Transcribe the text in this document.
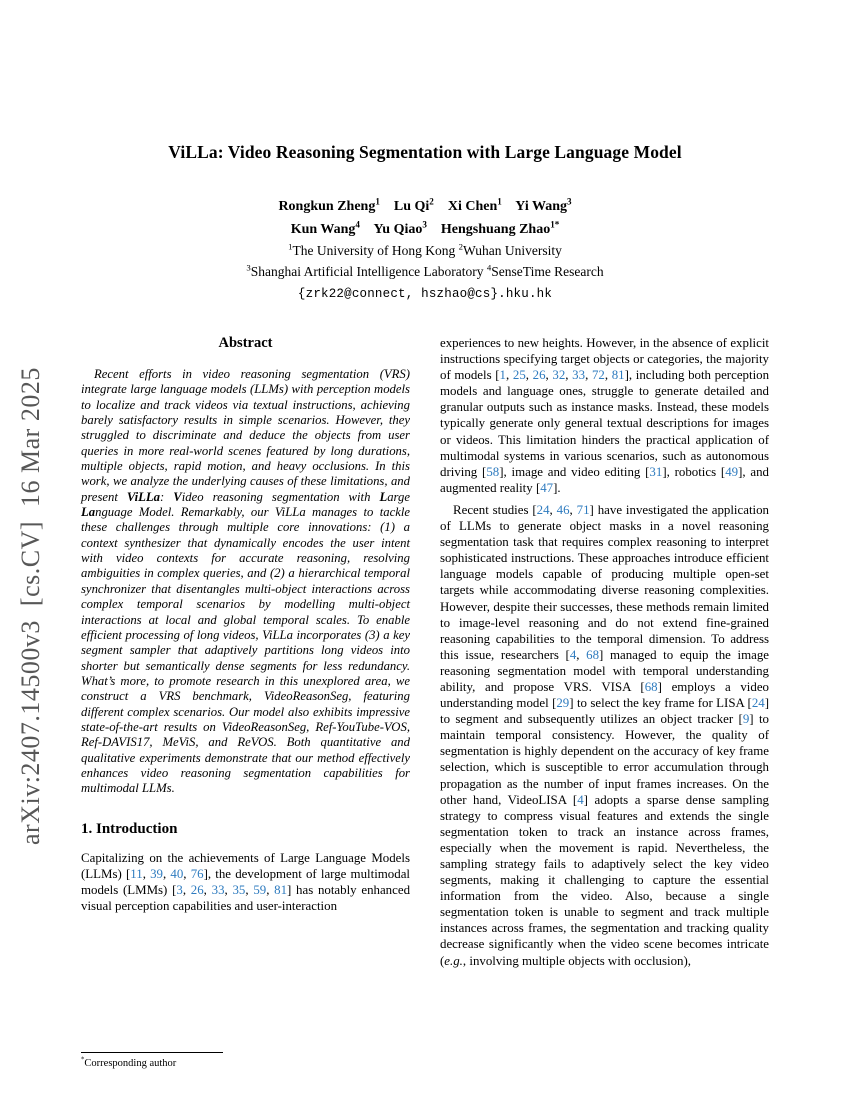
arXiv:2407.14500v3  [cs.CV]  16 Mar 2025
ViLLa: Video Reasoning Segmentation with Large Language Model
Rongkun Zheng$^1$ Lu Qi$^2$ Xi Chen$^1$ Yi Wang$^3$
Kun Wang$^4$ Yu Qiao$^3$ Hengshuang Zhao$^{1*}$
$^1$The University of Hong Kong $^2$Wuhan University
$^3$Shanghai Artificial Intelligence Laboratory $^4$SenseTime Research
{zrk22@connect, hszhao@cs}.hku.hk
Abstract

Recent efforts in video reasoning segmentation (VRS) integrate large language models (LLMs) with perception models to localize and track videos via textual instructions, achieving barely satisfactory results in simple scenarios. However, they struggled to discriminate and deduce the objects from user queries in more real-world scenes featured by long durations, multiple objects, rapid motion, and heavy occlusions. In this work, we analyze the underlying causes of these limitations, and present ViLLa: Video reasoning segmentation with Large Language Model. Remarkably, our ViLLa manages to tackle these challenges through multiple core innovations: (1) a context synthesizer that dynamically encodes the user intent with video contexts for accurate reasoning, resolving ambiguities in complex queries, and (2) a hierarchical temporal synchronizer that disentangles multi-object interactions across complex temporal scenarios by modelling multi-object interactions at local and global temporal scales. To enable efficient processing of long videos, ViLLa incorporates (3) a key segment sampler that adaptively partitions long videos into shorter but semantically dense segments for less redundancy. What’s more, to promote research in this unexplored area, we construct a VRS benchmark, VideoReasonSeg, featuring different complex scenarios. Our model also exhibits impressive state-of-the-art results on VideoReasonSeg, Ref-YouTube-VOS, Ref-DAVIS17, MeViS, and ReVOS. Both quantitative and qualitative experiments demonstrate that our method effectively enhances video reasoning segmentation capabilities for multimodal LLMs.

1. Introduction

Capitalizing on the achievements of Large Language Models (LLMs) [11, 39, 40, 76], the development of large multimodal models (LMMs) [3, 26, 33, 35, 59, 81] has notably enhanced visual perception capabilities and user-interaction

experiences to new heights. However, in the absence of explicit instructions specifying target objects or categories, the majority of models [1, 25, 26, 32, 33, 72, 81], including both perception models and language ones, struggle to generate detailed and granular outputs such as instance masks. Instead, these models typically generate only general textual descriptions for images or videos. This limitation hinders the practical application of multimodal systems in various scenarios, such as autonomous driving [58], image and video editing [31], robotics [49], and augmented reality [47].

Recent studies [24, 46, 71] have investigated the application of LLMs to generate object masks in a novel reasoning segmentation task that requires complex reasoning to interpret sophisticated instructions. These approaches introduce efficient language models capable of producing multiple open-set targets while accommodating diverse reasoning complexities. However, despite their successes, these methods remain limited to image-level reasoning and do not extend fine-grained reasoning capabilities to the temporal dimension. To address this issue, researchers [4, 68] managed to equip the image reasoning segmentation model with temporal understanding ability, and propose VRS. VISA [68] employs a video understanding model [29] to select the key frame for LISA [24] to segment and subsequently utilizes an object tracker [9] to maintain temporal consistency. However, the quality of segmentation is highly dependent on the accuracy of key frame selection, which is susceptible to error accumulation through propagation as the number of input frames increases. On the other hand, VideoLISA [4] adopts a sparse dense sampling strategy to compress visual features and extends the single segmentation token to track an instance across frames, especially when the movement is rapid. Nevertheless, the sampling strategy fails to adaptively select the key video segments, making it challenging to capture the essential information from the video. Also, because a single segmentation token is unable to segment and track multiple instances across frames, the segmentation and tracking quality decrease significantly when the video scene becomes intricate (e.g., involving multiple objects with occlusion),

*Corresponding author
